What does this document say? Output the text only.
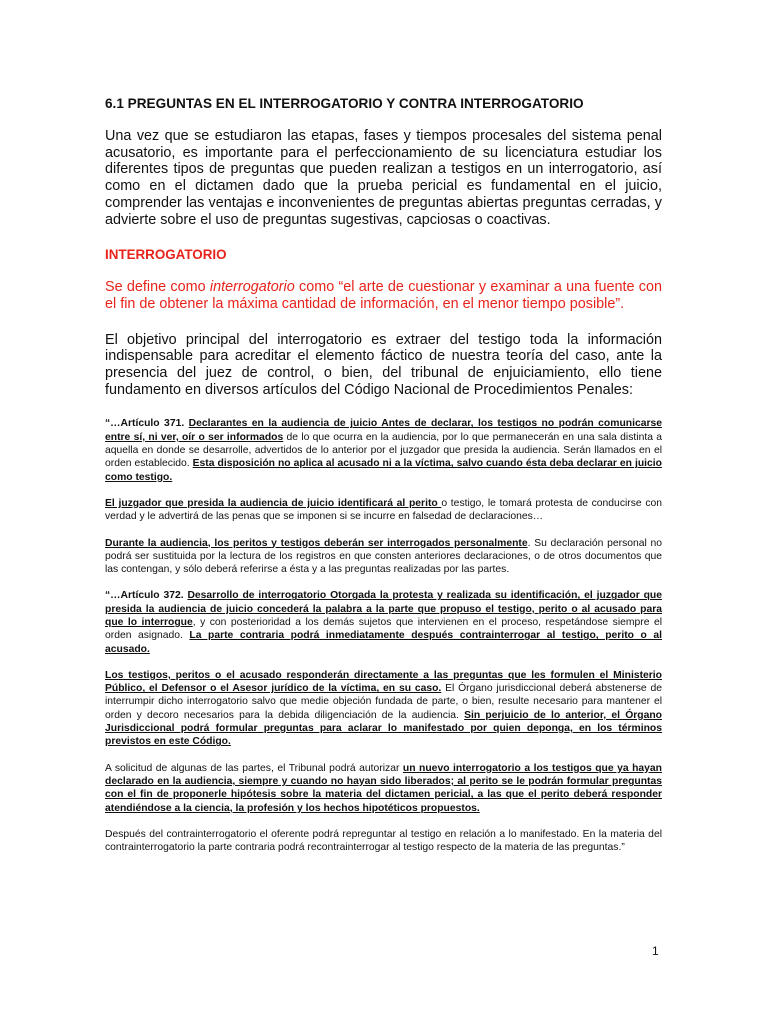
6.1 PREGUNTAS EN EL INTERROGATORIO Y CONTRA INTERROGATORIO

Una vez que se estudiaron las etapas, fases y tiempos procesales del sistema penal acusatorio, es importante para el perfeccionamiento de su licenciatura estudiar los diferentes tipos de preguntas que pueden realizan a testigos en un interrogatorio, así como en el dictamen dado que la prueba pericial es fundamental en el juicio, comprender las ventajas e inconvenientes de preguntas abiertas preguntas cerradas, y advierte sobre el uso de preguntas sugestivas, capciosas o coactivas.

INTERROGATORIO

Se define como interrogatorio como “el arte de cuestionar y examinar a una fuente con el fin de obtener la máxima cantidad de información, en el menor tiempo posible”.

El objetivo principal del interrogatorio es extraer del testigo toda la información indispensable para acreditar el elemento fáctico de nuestra teoría del caso, ante la presencia del juez de control, o bien, del tribunal de enjuiciamiento, ello tiene fundamento en diversos artículos del Código Nacional de Procedimientos Penales:

“…Artículo 371. Declarantes en la audiencia de juicio Antes de declarar, los testigos no podrán comunicarse entre sí, ni ver, oír o ser informados de lo que ocurra en la audiencia, por lo que permanecerán en una sala distinta a aquella en donde se desarrolle, advertidos de lo anterior por el juzgador que presida la audiencia. Serán llamados en el orden establecido. Esta disposición no aplica al acusado ni a la víctima, salvo cuando ésta deba declarar en juicio como testigo.

El juzgador que presida la audiencia de juicio identificará al perito o testigo, le tomará protesta de conducirse con verdad y le advertirá de las penas que se imponen si se incurre en falsedad de declaraciones…

Durante la audiencia, los peritos y testigos deberán ser interrogados personalmente. Su declaración personal no podrá ser sustituida por la lectura de los registros en que consten anteriores declaraciones, o de otros documentos que las contengan, y sólo deberá referirse a ésta y a las preguntas realizadas por las partes.

“…Artículo 372. Desarrollo de interrogatorio Otorgada la protesta y realizada su identificación, el juzgador que presida la audiencia de juicio concederá la palabra a la parte que propuso el testigo, perito o al acusado para que lo interrogue, y con posterioridad a los demás sujetos que intervienen en el proceso, respetándose siempre el orden asignado. La parte contraria podrá inmediatamente después contrainterrogar al testigo, perito o al acusado.

Los testigos, peritos o el acusado responderán directamente a las preguntas que les formulen el Ministerio Público, el Defensor o el Asesor jurídico de la víctima, en su caso. El Órgano jurisdiccional deberá abstenerse de interrumpir dicho interrogatorio salvo que medie objeción fundada de parte, o bien, resulte necesario para mantener el orden y decoro necesarios para la debida diligenciación de la audiencia. Sin perjuicio de lo anterior, el Órgano Jurisdiccional podrá formular preguntas para aclarar lo manifestado por quien deponga, en los términos previstos en este Código.

A solicitud de algunas de las partes, el Tribunal podrá autorizar un nuevo interrogatorio a los testigos que ya hayan declarado en la audiencia, siempre y cuando no hayan sido liberados; al perito se le podrán formular preguntas con el fin de proponerle hipótesis sobre la materia del dictamen pericial, a las que el perito deberá responder atendiéndose a la ciencia, la profesión y los hechos hipotéticos propuestos.

Después del contrainterrogatorio el oferente podrá repreguntar al testigo en relación a lo manifestado. En la materia del contrainterrogatorio la parte contraria podrá recontrainterrogar al testigo respecto de la materia de las preguntas.”

1
